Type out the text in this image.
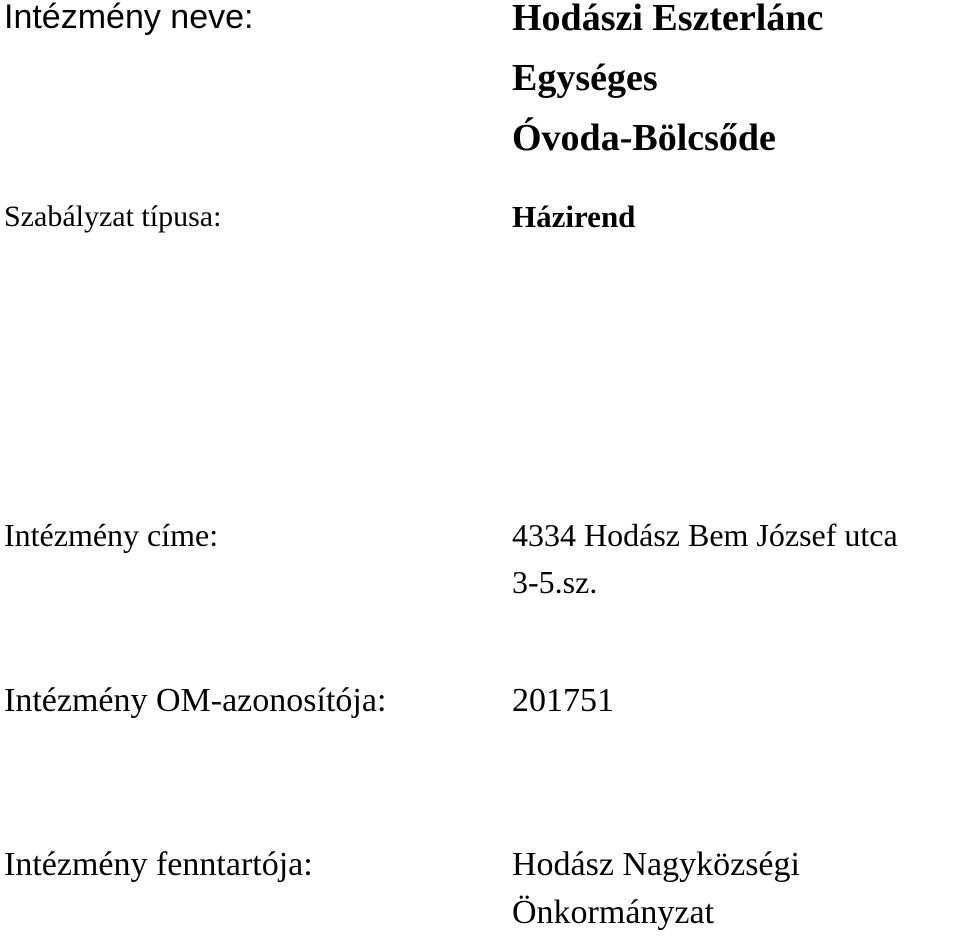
Intézmény neve:	Hodászi Eszterlánc
Egységes
Óvoda-Bölcsőde
Szabályzat típusa:	Házirend
Intézmény címe:	4334 Hodász Bem József utca
3-5.sz.
Intézmény OM-azonosítója:	201751
Intézmény fenntartója:	Hodász Nagyközségi
Önkormányzat
